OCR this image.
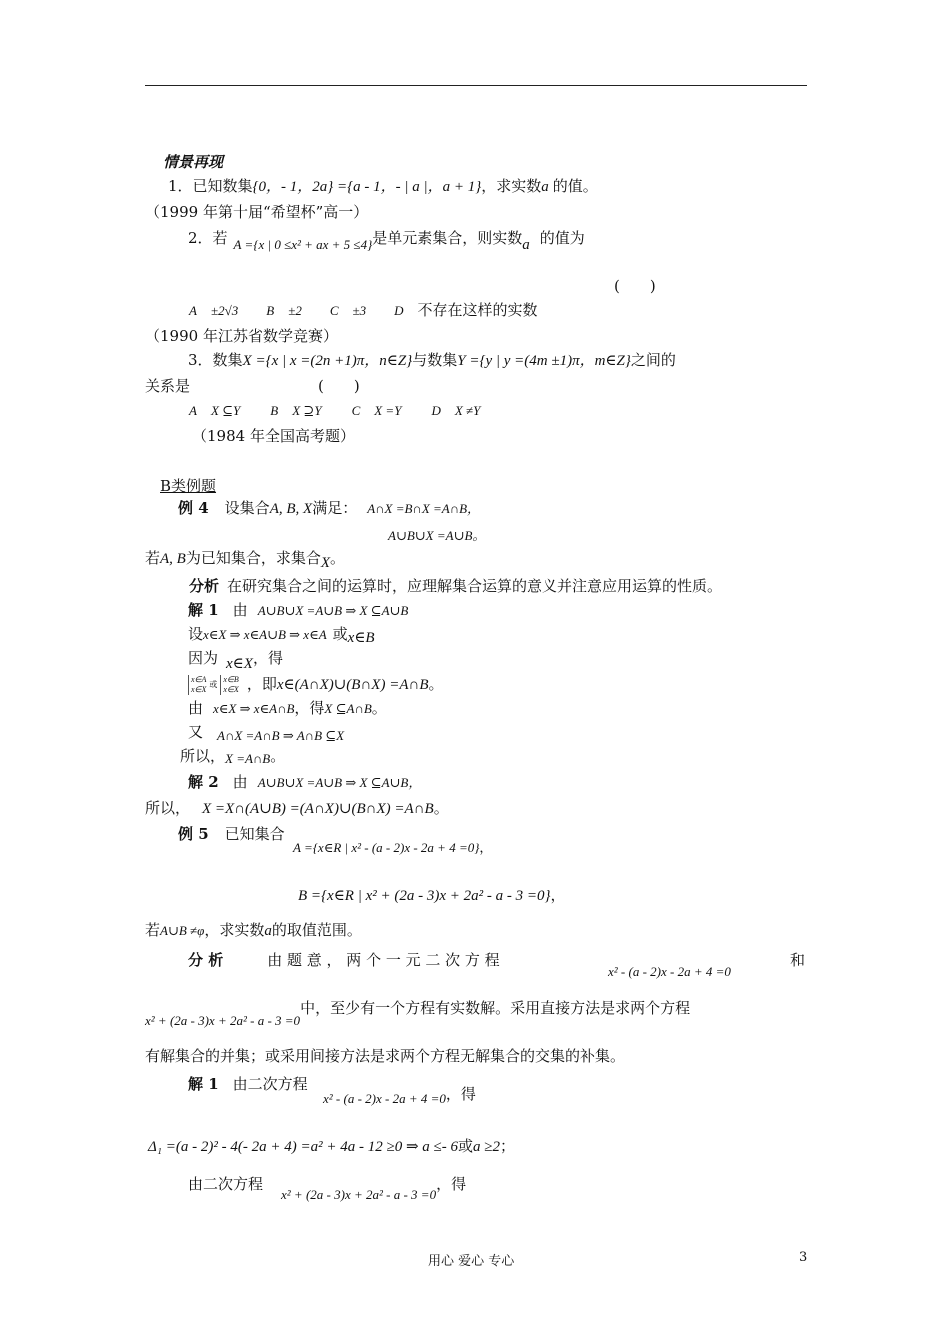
情景再现
1．已知数集{0，- 1，2a} ={a - 1，- | a |，a + 1}，求实数a 的值。
（1999 年第十届“希望杯”高一）
2．若 A ={x | 0 ≤x² + ax + 5 ≤4}是单元素集合，则实数a 的值为
(　　)
A ±2√3 B ±2 C ±3 D 不存在这样的实数
（1990 年江苏省数学竞赛）
3．数集X ={x | x =(2n +1)π，n∈Z}与数集Y ={y | y =(4m ±1)π，m∈Z}之间的
关系是	(　　)
A X ⊆Y B X ⊇Y C X =Y D X ≠Y
（1984 年全国高考题）
B类例题
例 4 设集合A, B, X满足： A∩X =B∩X =A∩B，
A∪B∪X =A∪B。
若A, B为已知集合，求集合X。
分析 在研究集合之间的运算时，应理解集合运算的意义并注意应用运算的性质。
解 1 由 A∪B∪X =A∪B ⇒ X ⊆A∪B
设x∈X ⇒ x∈A∪B ⇒ x∈A 或x∈B
因为 x∈X，得
x∈A
x∈X或x∈B
x∈X ，即x∈(A∩X)∪(B∩X) =A∩B。
由 x∈X ⇒ x∈A∩B，得X ⊆A∩B。
又 A∩X =A∩B ⇒ A∩B ⊆X
所以，X =A∩B。
解 2 由 A∪B∪X =A∪B ⇒ X ⊆A∪B，
所以， X =X∩(A∪B) =(A∩X)∪(B∩X) =A∩B。
例 5 已知集合
A ={x∈R | x² - (a - 2)x - 2a + 4 =0}，
B ={x∈R | x² + (2a - 3)x + 2a² - a - 3 =0}，
若A∪B ≠φ，求实数a的取值范围。
分 析	由 题 意 ， 两 个 一 元 二 次 方 程
x² - (a - 2)x - 2a + 4 =0
和
x² + (2a - 3)x + 2a² - a - 3 =0中，至少有一个方程有实数解。采用直接方法是求两个方程
有解集合的并集；或采用间接方法是求两个方程无解集合的交集的补集。
解 1 由二次方程
x² - (a - 2)x - 2a + 4 =0，得
Δ₁ =(a - 2)² - 4(- 2a + 4) =a² + 4a - 12 ≥0 ⇒ a ≤- 6或a ≥2；
由二次方程x² + (2a - 3)x + 2a² - a - 3 =0，得
用心 爱心 专心	3
